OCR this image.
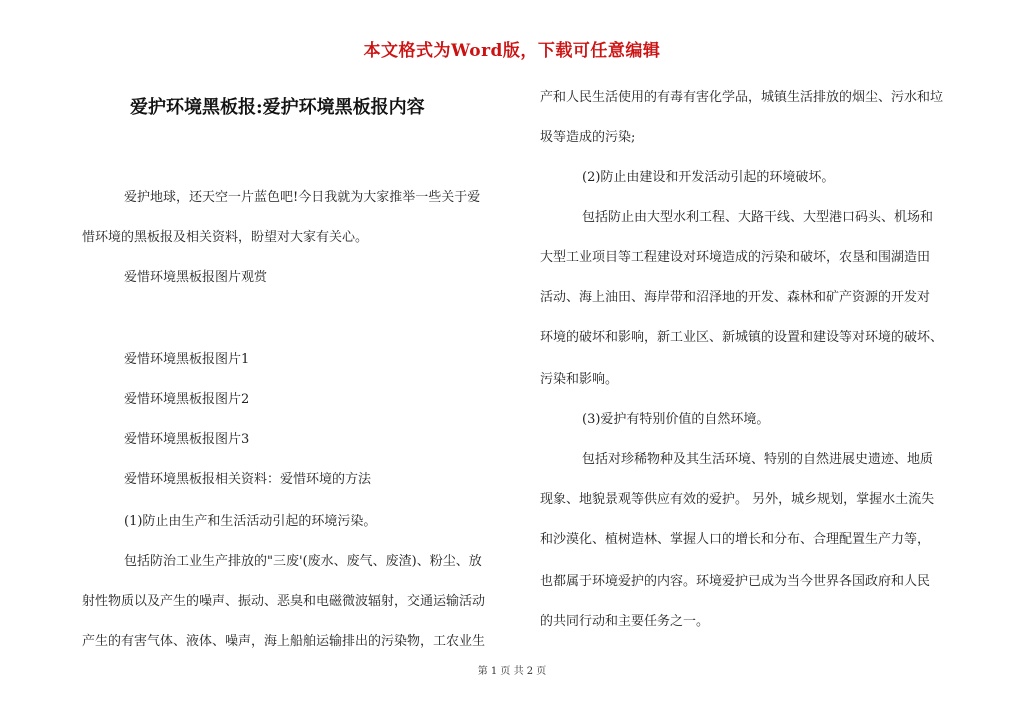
本文格式为Word版，下载可任意编辑
爱护环境黑板报:爱护环境黑板报内容

爱护地球，还天空一片蓝色吧!今日我就为大家推举一些关于爱

惜环境的黑板报及相关资料，盼望对大家有关心。

爱惜环境黑板报图片观赏

爱惜环境黑板报图片1

爱惜环境黑板报图片2

爱惜环境黑板报图片3

爱惜环境黑板报相关资料：爱惜环境的方法

(1)防止由生产和生活活动引起的环境污染。

包括防治工业生产排放的"三废'(废水、废气、废渣)、粉尘、放

射性物质以及产生的噪声、振动、恶臭和电磁微波辐射，交通运输活动

产生的有害气体、液体、噪声，海上船舶运输排出的污染物，工农业生

产和人民生活使用的有毒有害化学品，城镇生活排放的烟尘、污水和垃

圾等造成的污染;

(2)防止由建设和开发活动引起的环境破坏。

包括防止由大型水利工程、大路干线、大型港口码头、机场和

大型工业项目等工程建设对环境造成的污染和破坏，农垦和围湖造田

活动、海上油田、海岸带和沼泽地的开发、森林和矿产资源的开发对

环境的破坏和影响，新工业区、新城镇的设置和建设等对环境的破坏、

污染和影响。

(3)爱护有特别价值的自然环境。

包括对珍稀物种及其生活环境、特别的自然进展史遗迹、地质

现象、地貌景观等供应有效的爱护。 另外，城乡规划，掌握水土流失

和沙漠化、植树造林、掌握人口的增长和分布、合理配置生产力等，

也都属于环境爱护的内容。环境爱护已成为当今世界各国政府和人民

的共同行动和主要任务之一。

第 1 页 共 2 页
